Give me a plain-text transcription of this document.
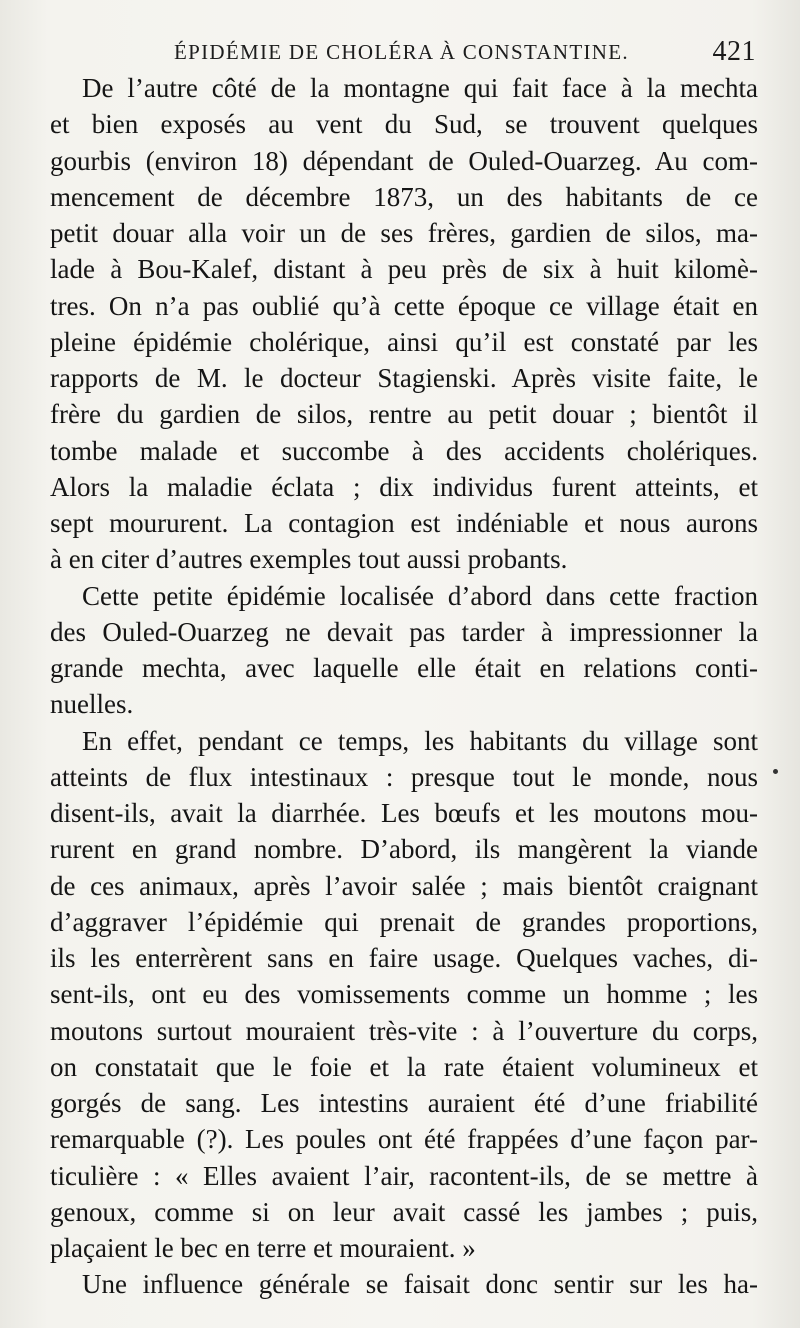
ÉPIDÉMIE DE CHOLÉRA À CONSTANTINE.	421
De l’autre côté de la montagne qui fait face à la mechta
et bien exposés au vent du Sud, se trouvent quelques
gourbis (environ 18) dépendant de Ouled-Ouarzeg. Au com-
mencement de décembre 1873, un des habitants de ce
petit douar alla voir un de ses frères, gardien de silos, ma-
lade à Bou-Kalef, distant à peu près de six à huit kilomè-
tres. On n’a pas oublié qu’à cette époque ce village était en
pleine épidémie cholérique, ainsi qu’il est constaté par les
rapports de M. le docteur Stagienski. Après visite faite, le
frère du gardien de silos, rentre au petit douar ; bientôt il
tombe malade et succombe à des accidents cholériques.
Alors la maladie éclata ; dix individus furent atteints, et
sept moururent. La contagion est indéniable et nous aurons
à en citer d’autres exemples tout aussi probants.
Cette petite épidémie localisée d’abord dans cette fraction
des Ouled-Ouarzeg ne devait pas tarder à impressionner la
grande mechta, avec laquelle elle était en relations conti-
nuelles.
En effet, pendant ce temps, les habitants du village sont
atteints de flux intestinaux : presque tout le monde, nous
disent-ils, avait la diarrhée. Les bœufs et les moutons mou-
rurent en grand nombre. D’abord, ils mangèrent la viande
de ces animaux, après l’avoir salée ; mais bientôt craignant
d’aggraver l’épidémie qui prenait de grandes proportions,
ils les enterrèrent sans en faire usage. Quelques vaches, di-
sent-ils, ont eu des vomissements comme un homme ; les
moutons surtout mouraient très-vite : à l’ouverture du corps,
on constatait que le foie et la rate étaient volumineux et
gorgés de sang. Les intestins auraient été d’une friabilité
remarquable (?). Les poules ont été frappées d’une façon par-
ticulière : « Elles avaient l’air, racontent-ils, de se mettre à
genoux, comme si on leur avait cassé les jambes ; puis,
plaçaient le bec en terre et mouraient. »
Une influence générale se faisait donc sentir sur les ha-
